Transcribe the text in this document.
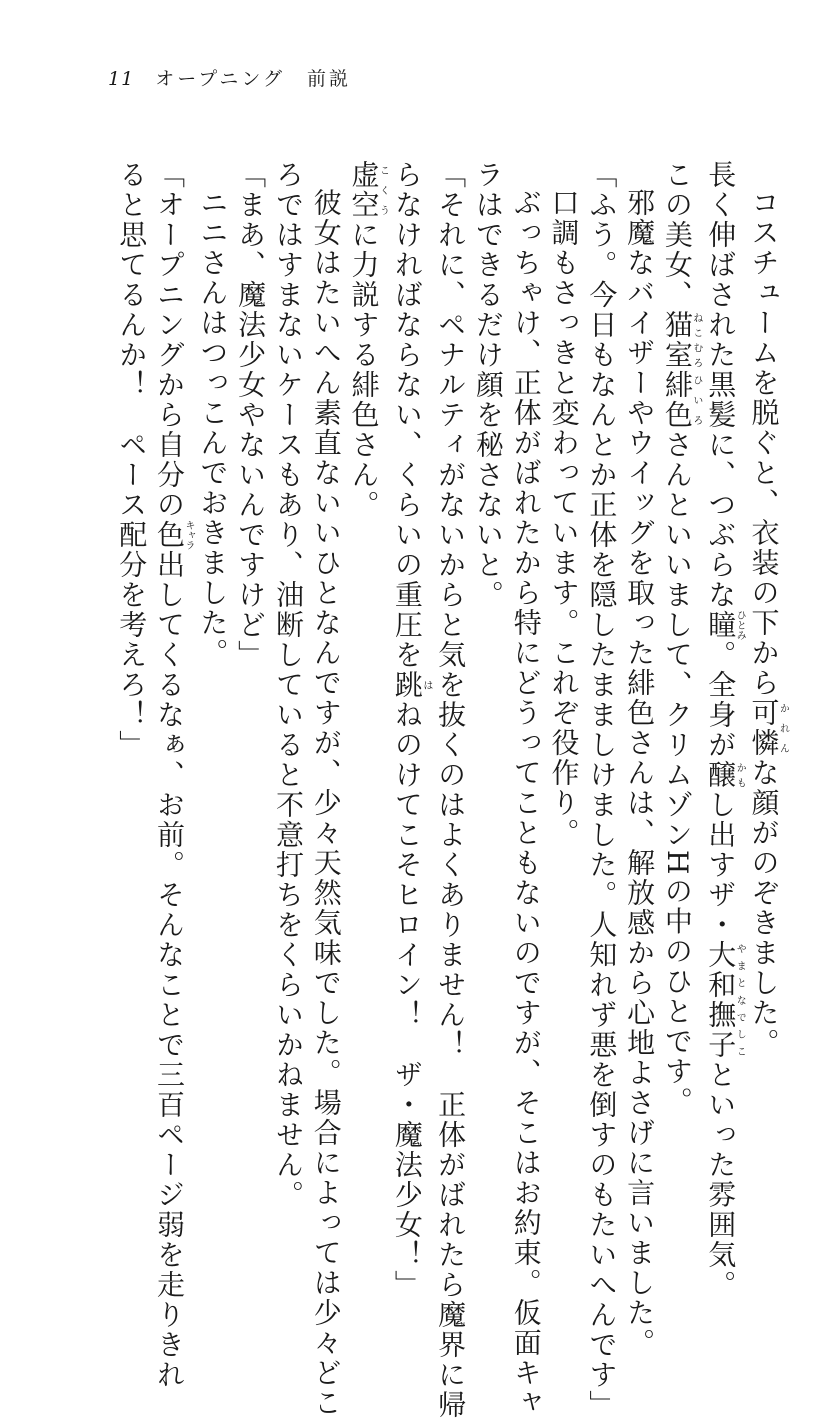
11 オープニング　前説
コスチュームを脱ぐと、衣装の下から可憐かれんな顔がのぞきました。
長く伸ばされた黒髪に、つぶらな瞳ひとみ。全身が醸かもし出すザ・大和撫子やまとなでしこといった雰囲気。
この美女、猫室ねこむろ緋色ひいろさんといいまして、クリムゾンHの中のひとです。
邪魔なバイザーやウイッグを取った緋色さんは、解放感から心地よさげに言いました。
「ふう。今日もなんとか正体を隠したまましけました。人知れず悪を倒すのもたいへんです」
口調もさっきと変わっています。これぞ役作り。
ぶっちゃけ、正体がばれたから特にどうってこともないのですが、そこはお約束。仮面キャ
ラはできるだけ顔を秘さないと。
「それに、ペナルティがないからと気を抜くのはよくありません！　正体がばれたら魔界に帰
らなければならない、くらいの重圧を跳はねのけてこそヒロイン！　ザ・魔法少女！」
虚空こくうに力説する緋色さん。
彼女はたいへん素直ないいひとなんですが、少々天然気味でした。場合によっては少々どこ
ろではすまないケースもあり、油断していると不意打ちをくらいかねません。
「まあ、魔法少女やないんですけど」
ニニさんはつっこんでおきました。
「オープニングから自分の色キャラ出してくるなぁ、お前。そんなことで三百ページ弱を走りきれ
ると思てるんか！　ペース配分を考えろ！」
